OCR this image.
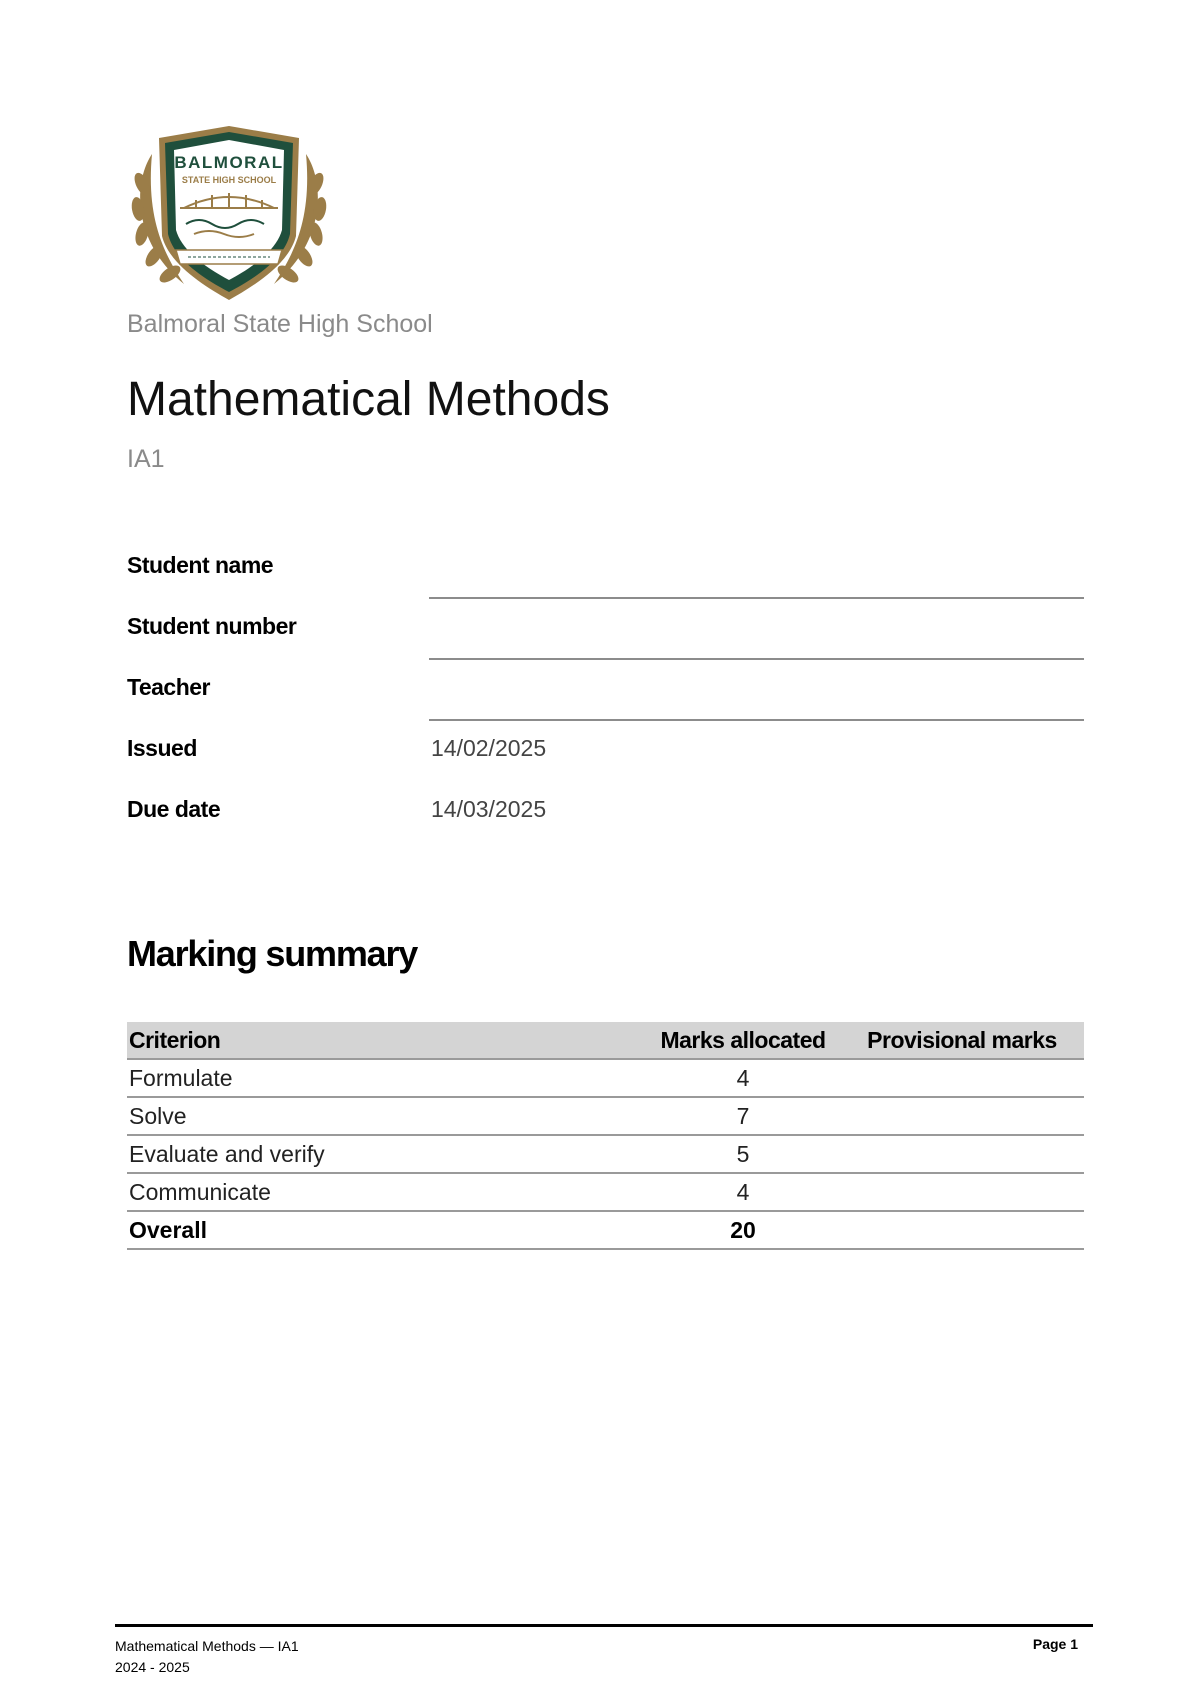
BALMORAL
STATE HIGH SCHOOL
Balmoral State High School
Mathematical Methods
IA1
Student name
Student number
Teacher
Issued	14/02/2025
Due date	14/03/2025
Marking summary
Criterion	Marks allocated	Provisional marks
Formulate	4	
Solve	7	
Evaluate and verify	5	
Communicate	4	
Overall	20	
Mathematical Methods — IA1
2024 - 2025
Page 1
